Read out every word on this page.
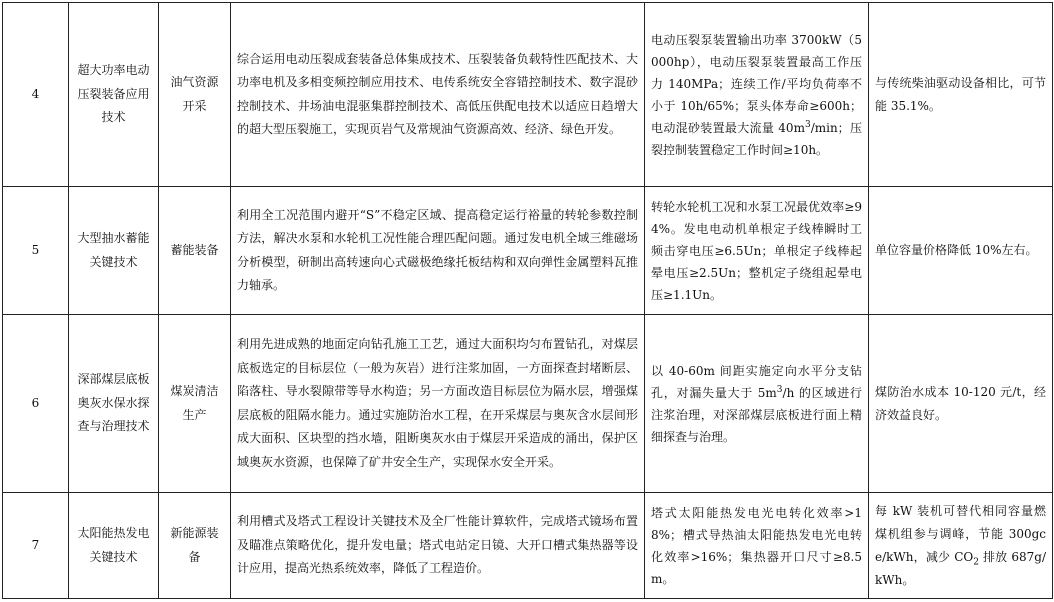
4	超大功率电动压裂装备应用技术	油气资源开采	综合运用电动压裂成套装备总体集成技术、压裂装备负载特性匹配技术、大功率电机及多相变频控制应用技术、电传系统安全容错控制技术、数字混砂控制技术、井场油电混驱集群控制技术、高低压供配电技术以适应日趋增大的超大型压裂施工，实现页岩气及常规油气资源高效、经济、绿色开发。	电动压裂泵装置输出功率 3700kW（5000hp），电动压裂泵装置最高工作压力 140MPa；连续工作/平均负荷率不小于 10h/65%；泵头体寿命≥600h；电动混砂装置最大流量 $40m^3/\min$；压裂控制装置稳定工作时间≥10h。	与传统柴油驱动设备相比，可节能 35.1%。
5	大型抽水蓄能关键技术	蓄能装备	利用全工况范围内避开“S”不稳定区域、提高稳定运行裕量的转轮参数控制方法，解决水泵和水轮机工况性能合理匹配问题。通过发电机全域三维磁场分析模型，研制出高转速向心式磁极绝缘托板结构和双向弹性金属塑料瓦推力轴承。	转轮水轮机工况和水泵工况最优效率≥94%。发电电动机单根定子线棒瞬时工频击穿电压≥6.5Un；单根定子线棒起晕电压≥2.5Un；整机定子绕组起晕电压≥1.1Un。	单位容量价格降低 10%左右。
6	深部煤层底板奥灰水保水探查与治理技术	煤炭清洁生产	利用先进成熟的地面定向钻孔施工工艺，通过大面积均匀布置钻孔，对煤层底板选定的目标层位（一般为灰岩）进行注浆加固，一方面探查封堵断层、陷落柱、导水裂隙带等导水构造；另一方面改造目标层位为隔水层，增强煤层底板的阻隔水能力。通过实施防治水工程，在开采煤层与奥灰含水层间形成大面积、区块型的挡水墙，阻断奥灰水由于煤层开采造成的涌出，保护区域奥灰水资源，也保障了矿井安全生产，实现保水安全开采。	以 40-60m 间距实施定向水平分支钻孔，对漏失量大于 $5m^3/h$ 的区域进行注浆治理，对深部煤层底板进行面上精细探查与治理。	煤防治水成本 10-120 元/t，经济效益良好。
7	太阳能热发电关键技术	新能源装备	利用槽式及塔式工程设计关键技术及全厂性能计算软件，完成塔式镜场布置及瞄准点策略优化，提升发电量；塔式电站定日镜、大开口槽式集热器等设计应用，提高光热系统效率，降低了工程造价。	塔式太阳能热发电光电转化效率>18%；槽式导热油太阳能热发电光电转化效率>16%；集热器开口尺寸≥8.5m。	每 kW 装机可替代相同容量燃煤机组参与调峰，节能 300gce/kWh，减少 $CO_2$ 排放 687g/kWh。
